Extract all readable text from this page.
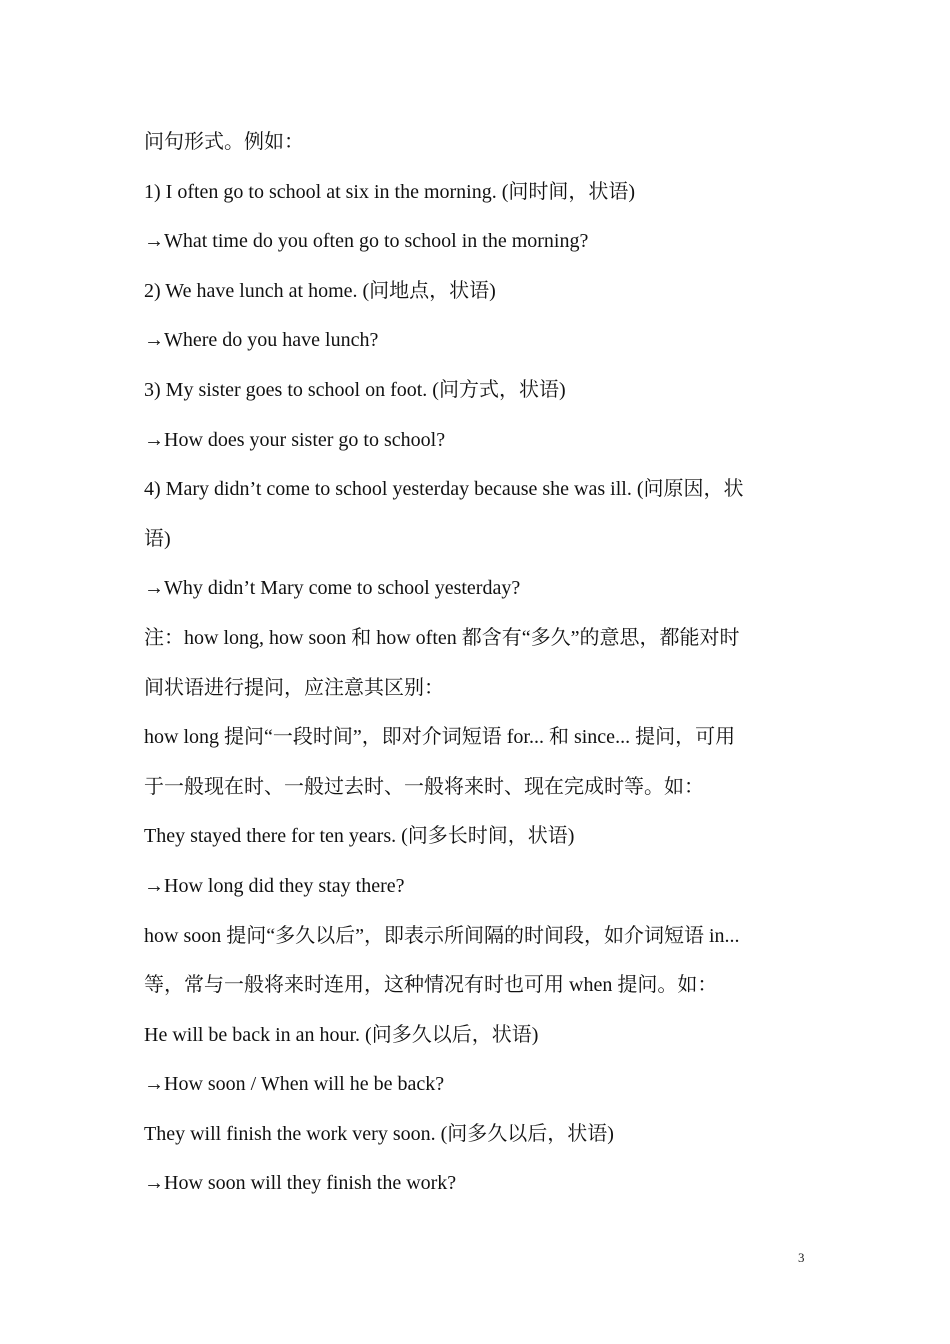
问句形式。例如：
1) I often go to school at six in the morning. (问时间，状语)
→What time do you often go to school in the morning?
2) We have lunch at home. (问地点，状语)
→Where do you have lunch?
3) My sister goes to school on foot. (问方式，状语)
→How does your sister go to school?
4) Mary didn’t come to school yesterday because she was ill. (问原因，状
语)
→Why didn’t Mary come to school yesterday?
注：how long, how soon 和 how often 都含有“多久”的意思，都能对时
间状语进行提问，应注意其区别：
how long 提问“一段时间”，即对介词短语 for... 和 since... 提问，可用
于一般现在时、一般过去时、一般将来时、现在完成时等。如：
They stayed there for ten years. (问多长时间，状语)
→How long did they stay there?
how soon 提问“多久以后”，即表示所间隔的时间段，如介词短语 in...
等，常与一般将来时连用，这种情况有时也可用 when 提问。如：
He will be back in an hour. (问多久以后，状语)
→How soon / When will he be back?
They will finish the work very soon. (问多久以后，状语)
→How soon will they finish the work?
3
